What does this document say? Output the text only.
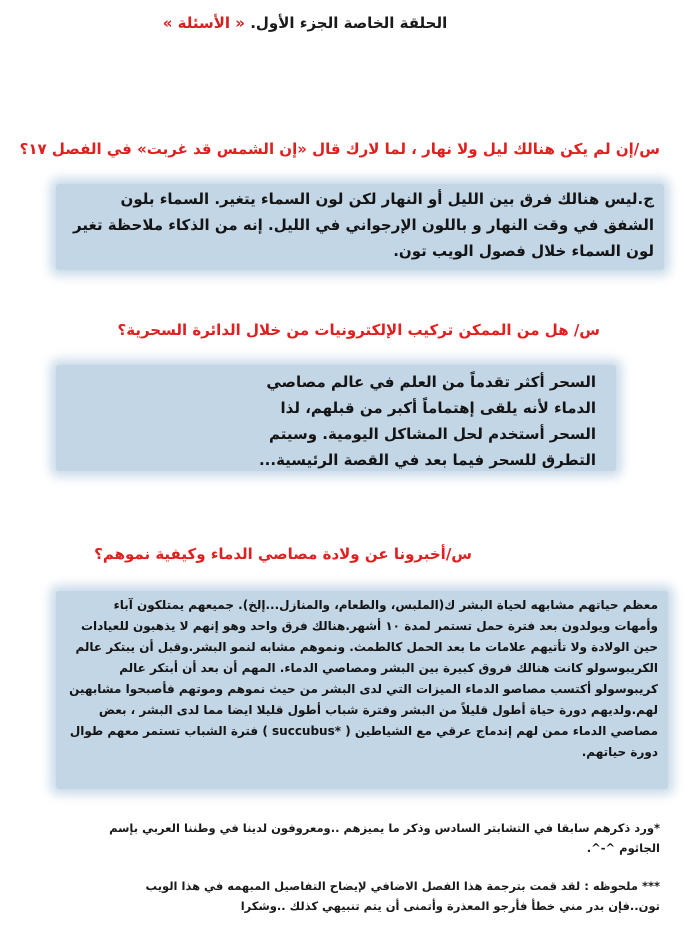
الحلقة الخاصة الجزء الأول. « الأسئلة »
س/إن لم يكن هنالك ليل ولا نهار ، لما لارك قال «إن الشمس قد غربت» في الفصل ١٧؟
ج.ليس هنالك فرق بين الليل أو النهار لكن لون السماء يتغير. السماء بلون الشفق في وقت النهار و باللون الإرجواني في الليل. إنه من الذكاء ملاحظة تغير لون السماء خلال فصول الويب تون.
س/ هل من الممكن تركيب الإلكترونيات من خلال الدائرة السحرية؟
السحر أكثر تقدماً من العلم في عالم مصاصي الدماء لأنه يلقى إهتماماً أكبر من قبلهم، لذا السحر أستخدم لحل المشاكل اليومية. وسيتم التطرق للسحر فيما بعد في القصة الرئيسية...
س/أخبرونا عن ولادة مصاصي الدماء وكيفية نموهم؟
معظم حياتهم مشابهه لحياة البشر ك(الملبس، والطعام، والمنازل...إلخ). جميعهم يمتلكون آباء وأمهات ويولدون بعد فترة حمل تستمر لمدة ١٠ أشهر.هنالك فرق واحد وهو إنهم لا يذهبون للعيادات حين الولادة ولا تأتيهم علامات ما بعد الحمل كالطمث. ونموهم مشابه لنمو البشر.وقبل أن يبتكر عالم الكريبوسولو كانت هنالك فروق كبيرة بين البشر ومصاصي الدماء. المهم أن بعد أن أبتكر عالم كريبوسولو أكتسب مصاصو الدماء الميزات التي لدى البشر من حيث نموهم وموتهم فأصبحوا مشابهين لهم.ولديهم دورة حياة أطول قليلاً من البشر وفترة شباب أطول قليلا ايضا مما لدى البشر ، بعض مصاصي الدماء ممن لهم إندماج عرقي مع الشياطين ( *succubus ) فترة الشباب تستمر معهم طوال دورة حياتهم.
*ورد ذكرهم سابقا في التشابتر السادس وذكر ما يميزهم ..ومعروفون لدينا في وطننا العربي بإسم الجاثوم ^-^.
*** ملحوظه : لقد قمت بترجمة هذا الفصل الاضافي لإيضاح التفاصيل المبهمه في هذا الويب تون..فإن بدر مني خطأ فأرجو المعذرة وأتمنى أن يتم تنبيهي كذلك ..وشكرا
